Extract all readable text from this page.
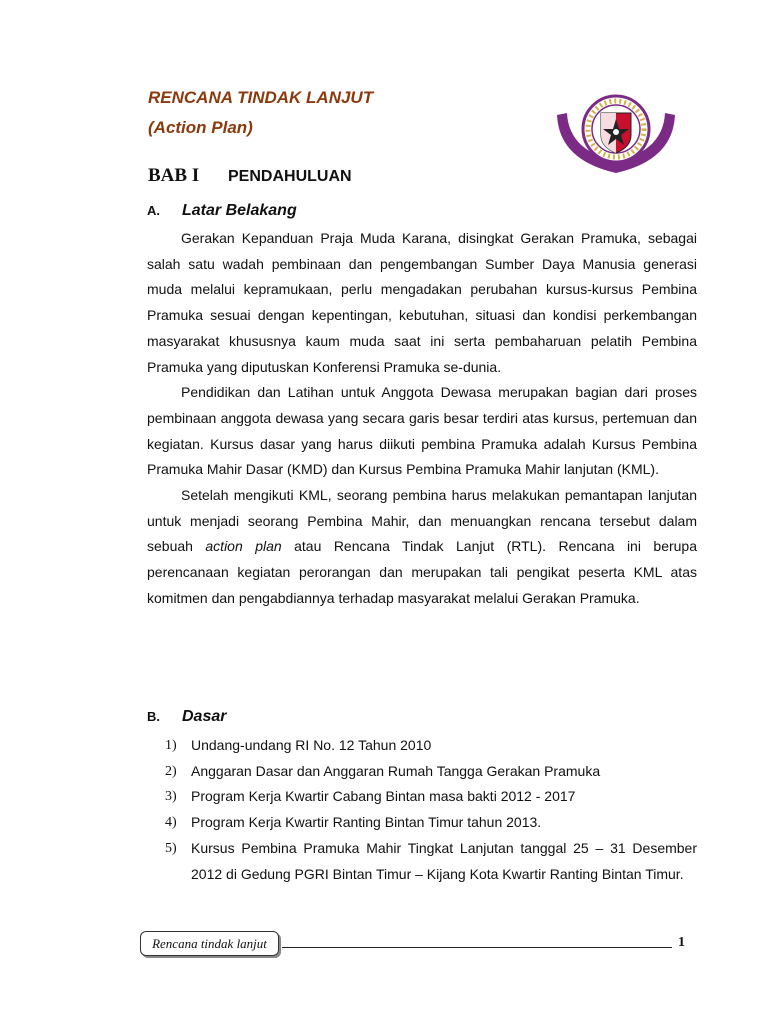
RENCANA TINDAK LANJUT
(Action Plan)
BAB I PENDAHULUAN
A.	Latar Belakang

Gerakan Kepanduan Praja Muda Karana, disingkat Gerakan Pramuka, sebagai salah satu wadah pembinaan dan pengembangan Sumber Daya Manusia generasi muda melalui kepramukaan, perlu mengadakan perubahan kursus-kursus Pembina Pramuka sesuai dengan kepentingan, kebutuhan, situasi dan kondisi perkembangan masyarakat khususnya kaum muda saat ini serta pembaharuan pelatih Pembina Pramuka yang diputuskan Konferensi Pramuka se-dunia.

Pendidikan dan Latihan untuk Anggota Dewasa merupakan bagian dari proses pembinaan anggota dewasa yang secara garis besar terdiri atas kursus, pertemuan dan kegiatan. Kursus dasar yang harus diikuti pembina Pramuka adalah Kursus Pembina Pramuka Mahir Dasar (KMD) dan Kursus Pembina Pramuka Mahir lanjutan (KML).

Setelah mengikuti KML, seorang pembina harus melakukan pemantapan lanjutan untuk menjadi seorang Pembina Mahir, dan menuangkan rencana tersebut dalam sebuah action plan atau Rencana Tindak Lanjut (RTL). Rencana ini berupa perencanaan kegiatan perorangan dan merupakan tali pengikat peserta KML atas komitmen dan pengabdiannya terhadap masyarakat melalui Gerakan Pramuka.

B.	Dasar
1)	Undang-undang RI No. 12 Tahun 2010
2)	Anggaran Dasar dan Anggaran Rumah Tangga Gerakan Pramuka
3)	Program Kerja Kwartir Cabang Bintan masa bakti 2012 - 2017
4)	Program Kerja Kwartir Ranting Bintan Timur tahun 2013.
5)	Kursus Pembina Pramuka Mahir Tingkat Lanjutan tanggal 25 – 31 Desember 2012 di Gedung PGRI Bintan Timur – Kijang Kota Kwartir Ranting Bintan Timur.
Rencana tindak lanjut	1
